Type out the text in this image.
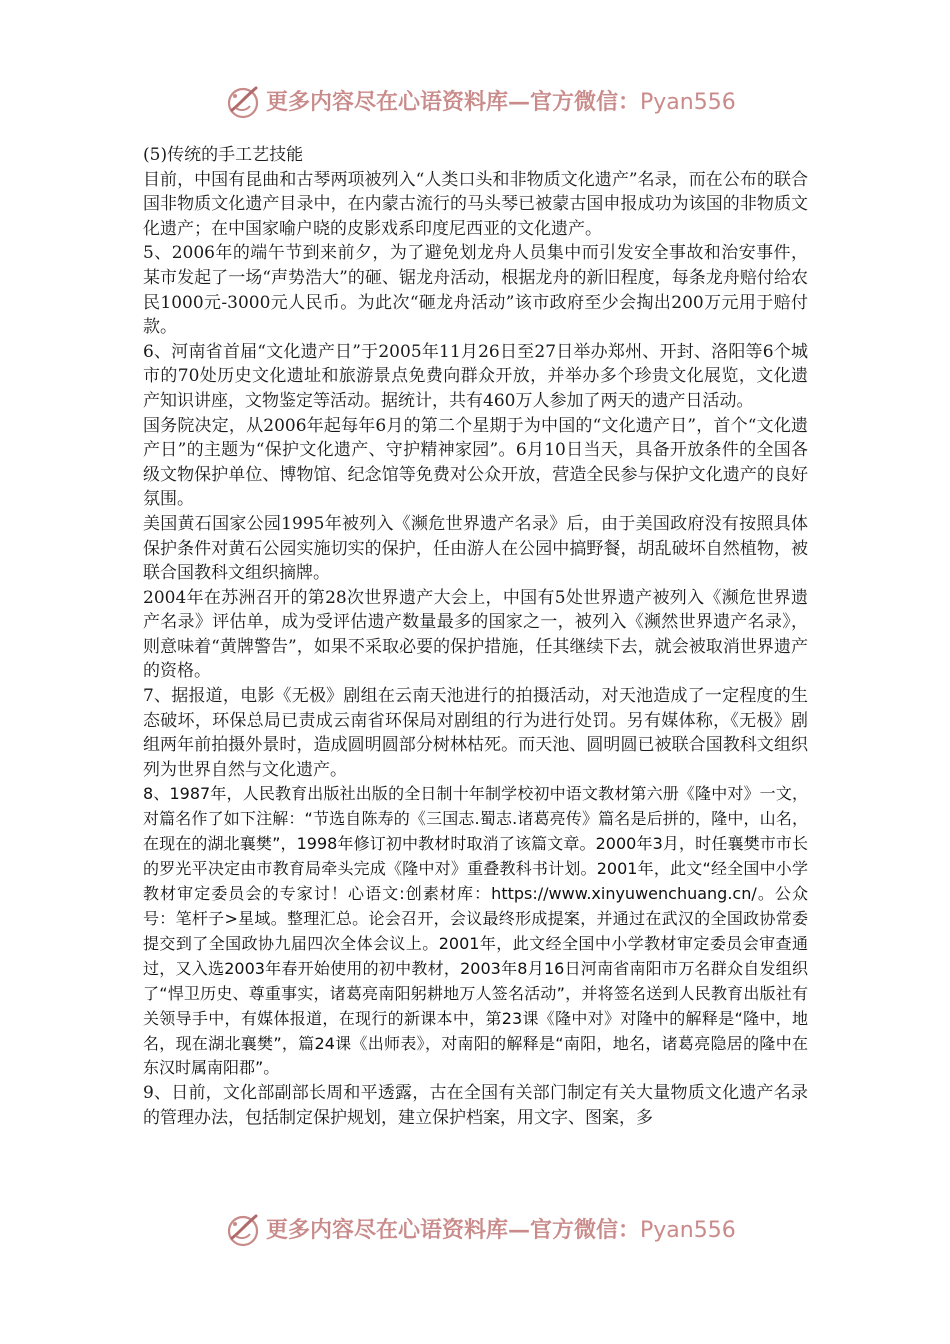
更多内容尽在心语资料库—官方微信：Pyan556

(5)传统的手工艺技能

目前，中国有昆曲和古琴两项被列入“人类口头和非物质文化遗产”名录，而在公布的联合国非物质文化遗产目录中，在内蒙古流行的马头琴已被蒙古国申报成功为该国的非物质文化遗产；在中国家喻户晓的皮影戏系印度尼西亚的文化遗产。

5、2006年的端午节到来前夕，为了避免划龙舟人员集中而引发安全事故和治安事件，某市发起了一场“声势浩大”的砸、锯龙舟活动，根据龙舟的新旧程度，每条龙舟赔付给农民1000元-3000元人民币。为此次“砸龙舟活动”该市政府至少会掏出200万元用于赔付款。

6、河南省首届“文化遗产日”于2005年11月26日至27日举办郑州、开封、洛阳等6个城市的70处历史文化遗址和旅游景点免费向群众开放，并举办多个珍贵文化展览，文化遗产知识讲座，文物鉴定等活动。据统计，共有460万人参加了两天的遗产日活动。

国务院决定，从2006年起每年6月的第二个星期于为中国的“文化遗产日”，首个“文化遗产日”的主题为“保护文化遗产、守护精神家园”。6月10日当天，具备开放条件的全国各级文物保护单位、博物馆、纪念馆等免费对公众开放，营造全民参与保护文化遗产的良好氛围。

美国黄石国家公园1995年被列入《濒危世界遗产名录》后，由于美国政府没有按照具体保护条件对黄石公园实施切实的保护，任由游人在公园中搞野餐，胡乱破坏自然植物，被联合国教科文组织摘牌。

2004年在苏洲召开的第28次世界遗产大会上，中国有5处世界遗产被列入《濒危世界遗产名录》评估单，成为受评估遗产数量最多的国家之一，被列入《濒然世界遗产名录》，则意味着“黄牌警告”，如果不采取必要的保护措施，任其继续下去，就会被取消世界遗产的资格。

7、据报道，电影《无极》剧组在云南天池进行的拍摄活动，对天池造成了一定程度的生态破坏，环保总局已责成云南省环保局对剧组的行为进行处罚。另有媒体称，《无极》剧组两年前拍摄外景时，造成圆明圆部分树林枯死。而天池、圆明圆已被联合国教科文组织列为世界自然与文化遗产。

8、1987年，人民教育出版社出版的全日制十年制学校初中语文教材第六册《隆中对》一文，对篇名作了如下注解：“节选自陈寿的《三国志.蜀志.诸葛亮传》篇名是后拼的，隆中，山名，在现在的湖北襄樊”，1998年修订初中教材时取消了该篇文章。2000年3月，时任襄樊市市长的罗光平决定由市教育局牵头完成《隆中对》重叠教科书计划。2001年，此文“经全国中小学教材审定委员会的专家讨！心语文:创素材库：https://www.xinyuwenchuang.cn/。公众号：笔杆子>星域。整理汇总。论会召开，会议最终形成提案，并通过在武汉的全国政协常委提交到了全国政协九届四次全体会议上。2001年，此文经全国中小学教材审定委员会审查通过，又入选2003年春开始使用的初中教材，2003年8月16日河南省南阳市万名群众自发组织了“悍卫历史、尊重事实，诸葛亮南阳躬耕地万人签名活动”，并将签名送到人民教育出版社有关领导手中，有媒体报道，在现行的新课本中，第23课《隆中对》对隆中的解释是“隆中，地名，现在湖北襄樊”，篇24课《出师表》，对南阳的解释是“南阳，地名，诸葛亮隐居的隆中在东汉时属南阳郡”。

9、日前，文化部副部长周和平透露，古在全国有关部门制定有关大量物质文化遗产名录的管理办法，包括制定保护规划，建立保护档案，用文字、图案，多

更多内容尽在心语资料库—官方微信：Pyan556
